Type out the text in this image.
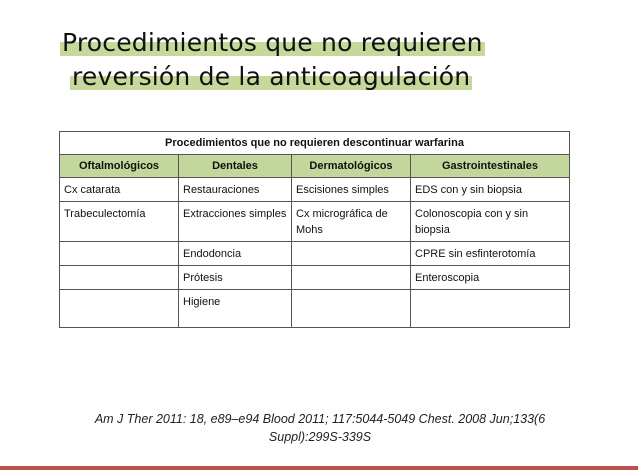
Procedimientos que no requieren
reversión de la anticoagulación
Procedimientos que no requieren descontinuar warfarina			
Oftalmológicos	Dentales	Dermatológicos	Gastrointestinales
Cx catarata	Restauraciones	Escisiones simples	EDS con y sin biopsia
Trabeculectomía	Extracciones simples	Cx micrográfica de Mohs	Colonoscopia con y sin biopsia
	Endodoncia		CPRE sin esfinterotomía
	Prótesis		Enteroscopia
	Higiene		
Am J Ther 2011: 18, e89–e94 Blood 2011; 117:5044-5049 Chest. 2008 Jun;133(6 Suppl):299S-339S
